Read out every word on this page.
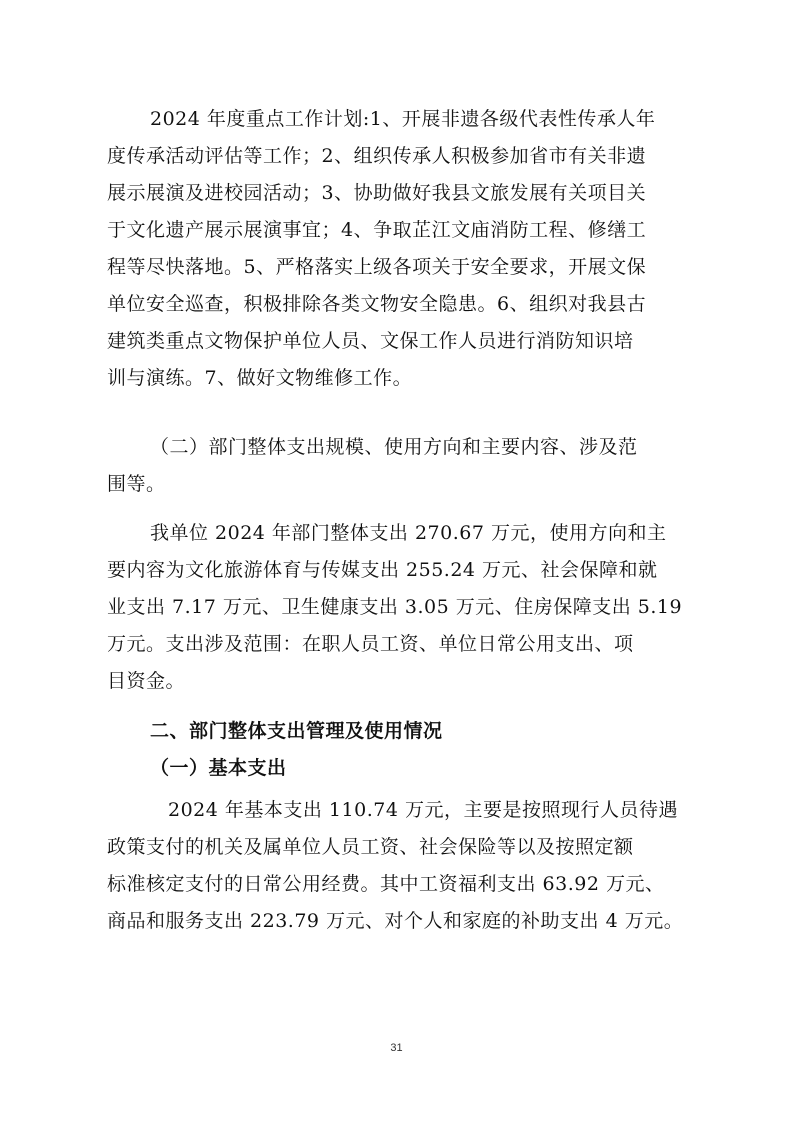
2024 年度重点工作计划:1、开展非遗各级代表性传承人年
度传承活动评估等工作；2、组织传承人积极参加省市有关非遗
展示展演及进校园活动；3、协助做好我县文旅发展有关项目关
于文化遗产展示展演事宜；4、争取芷江文庙消防工程、修缮工
程等尽快落地。5、严格落实上级各项关于安全要求，开展文保
单位安全巡查，积极排除各类文物安全隐患。6、组织对我县古
建筑类重点文物保护单位人员、文保工作人员进行消防知识培
训与演练。7、做好文物维修工作。
（二）部门整体支出规模、使用方向和主要内容、涉及范
围等。
我单位 2024 年部门整体支出 270.67 万元，使用方向和主
要内容为文化旅游体育与传媒支出 255.24 万元、社会保障和就
业支出 7.17 万元、卫生健康支出 3.05 万元、住房保障支出 5.19
万元。支出涉及范围：在职人员工资、单位日常公用支出、项
目资金。
二、部门整体支出管理及使用情况
（一）基本支出
2024 年基本支出 110.74 万元，主要是按照现行人员待遇
政策支付的机关及属单位人员工资、社会保险等以及按照定额
标准核定支付的日常公用经费。其中工资福利支出 63.92 万元、
商品和服务支出 223.79 万元、对个人和家庭的补助支出 4 万元。
31
